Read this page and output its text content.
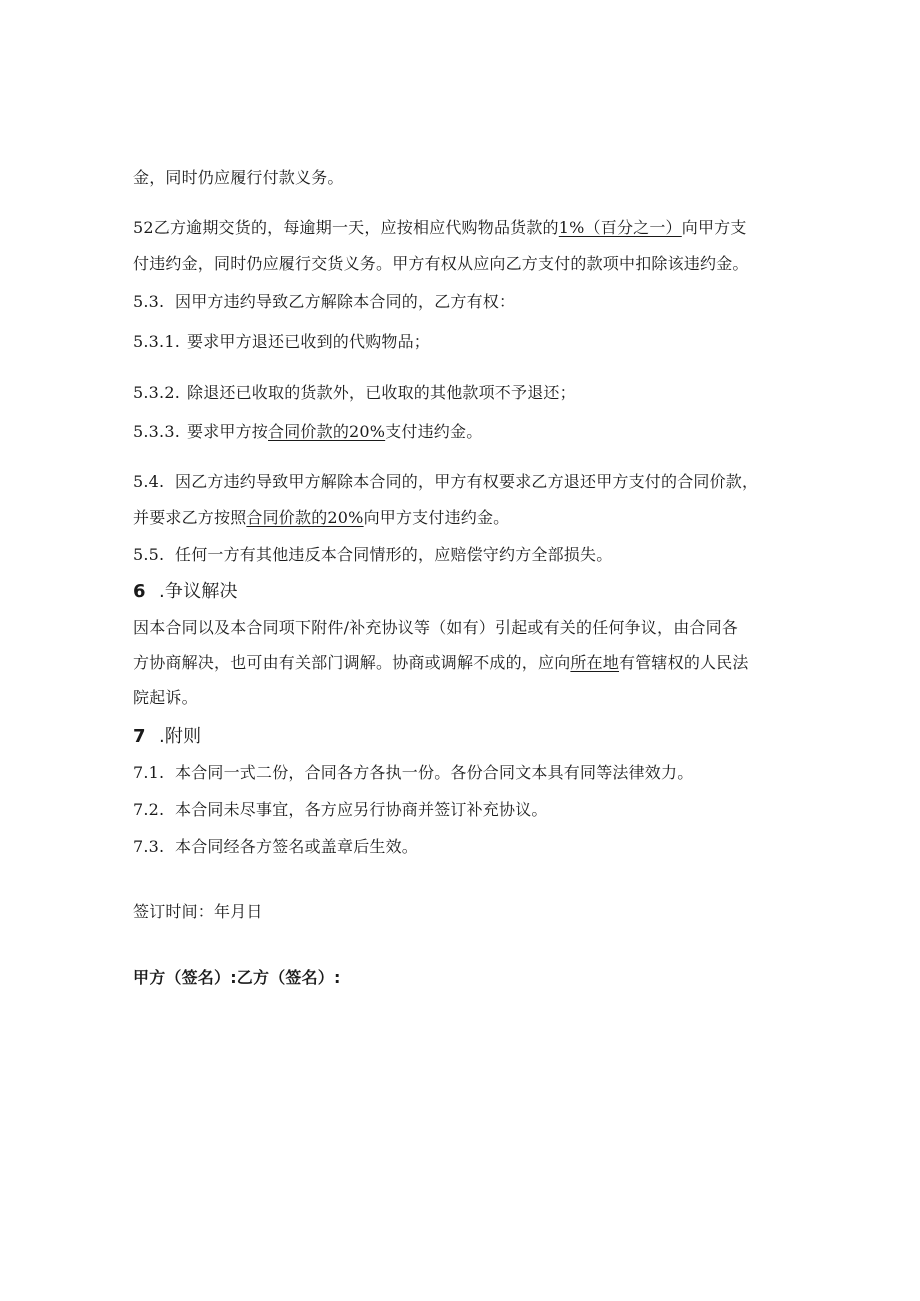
金，同时仍应履行付款义务。
52乙方逾期交货的，每逾期一天，应按相应代购物品货款的1%（百分之一）向甲方支
付违约金，同时仍应履行交货义务。甲方有权从应向乙方支付的款项中扣除该违约金。
5.3. 因甲方违约导致乙方解除本合同的，乙方有权：
5.3.1. 要求甲方退还已收到的代购物品；
5.3.2. 除退还已收取的货款外，已收取的其他款项不予退还；
5.3.3. 要求甲方按合同价款的20%支付违约金。
5.4. 因乙方违约导致甲方解除本合同的，甲方有权要求乙方退还甲方支付的合同价款，
并要求乙方按照合同价款的20%向甲方支付违约金。
5.5. 任何一方有其他违反本合同情形的，应赔偿守约方全部损失。
6 .争议解决
因本合同以及本合同项下附件/补充协议等（如有）引起或有关的任何争议，由合同各
方协商解决，也可由有关部门调解。协商或调解不成的，应向所在地有管辖权的人民法
院起诉。
7 .附则
7.1. 本合同一式二份，合同各方各执一份。各份合同文本具有同等法律效力。
7.2. 本合同未尽事宜，各方应另行协商并签订补充协议。
7.3. 本合同经各方签名或盖章后生效。
签订时间：年月日
甲方（签名）:乙方（签名）:
